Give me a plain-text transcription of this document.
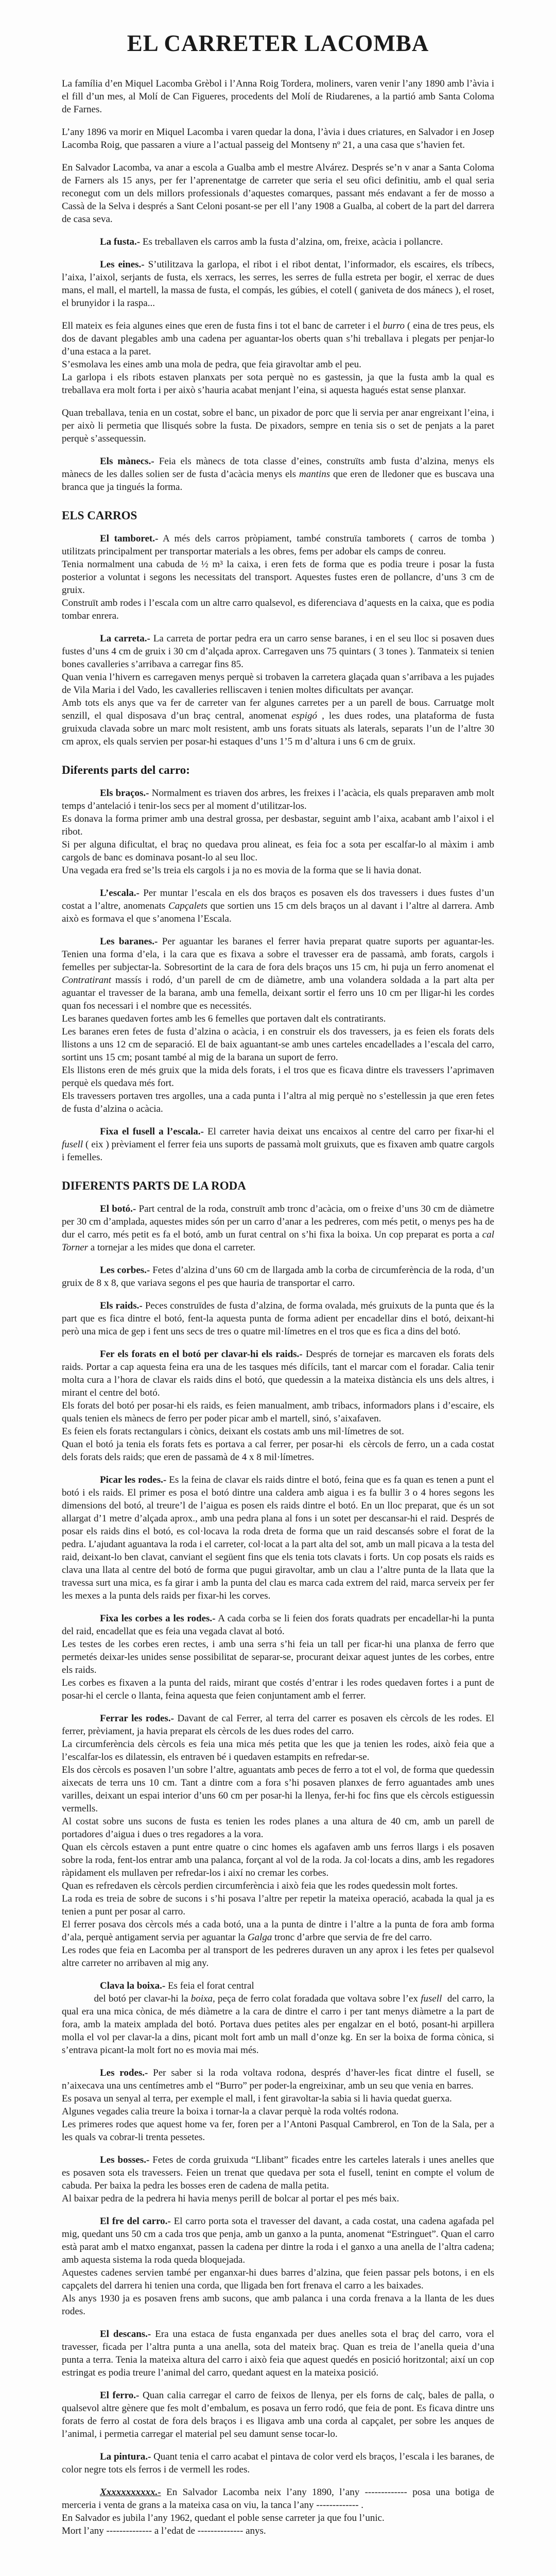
EL CARRETER LACOMBA

La família d’en Miquel Lacomba Grèbol i l’Anna Roig Tordera, moliners, varen venir l’any 1890 amb l’àvia i el fill d’un mes, al Molí de Can Figueres, procedents del Molí de Riudarenes, a la partió amb Santa Coloma de Farnes.

L’any 1896 va morir en Miquel Lacomba i varen quedar la dona, l’àvia i dues criatures, en Salvador i en Josep Lacomba Roig, que passaren a viure a l’actual passeig del Montseny nº 21, a una casa que s’havien fet.

En Salvador Lacomba, va anar a escola a Gualba amb el mestre Alvárez. Després se’n v anar a Santa Coloma de Farners als 15 anys, per fer l’aprenentatge de carreter que seria el seu ofici definitiu, amb el qual seria reconegut com un dels millors professionals d’aquestes comarques, passant més endavant a fer de mosso a Cassà de la Selva i després a Sant Celoni posant-se per ell l’any 1908 a Gualba, al cobert de la part del darrera de casa seva.

La fusta.- Es treballaven els carros amb la fusta d’alzina, om, freixe, acàcia i pollancre.

Les eines.- S’utilitzava la garlopa, el ribot i el ribot dentat, l’informador, els escaires, els tríbecs, l’aixa, l’aixol, serjants de fusta, els xerracs, les serres, les serres de fulla estreta per bogir, el xerrac de dues mans, el mall, el martell, la massa de fusta, el compás, les gúbies, el cotell ( ganiveta de dos mánecs ), el roset, el brunyidor i la raspa...

Ell mateix es feia algunes eines que eren de fusta fins i tot el banc de carreter i el burro ( eina de tres peus, els dos de davant plegables amb una cadena per aguantar-los oberts quan s’hi treballava i plegats per penjar-lo d’una estaca a la paret.
S’esmolava les eines amb una mola de pedra, que feia giravoltar amb el peu.
La garlopa i els ribots estaven planxats per sota perquè no es gastessin, ja que la fusta amb la qual es treballava era molt forta i per això s’hauria acabat menjant l’eina, si aquesta hagués estat sense planxar.

Quan treballava, tenia en un costat, sobre el banc, un pixador de porc que li servia per anar engreixant l’eina, i per això li permetia que llisqués sobre la fusta. De pixadors, sempre en tenia sis o set de penjats a la paret perquè s’assequessin.

Els mànecs.- Feia els mànecs de tota classe d’eines, construïts amb fusta d’alzina, menys els mànecs de les dalles solien ser de fusta d’acàcia menys els mantins que eren de lledoner que es buscava una branca que ja tingués la forma.

ELS CARROS

El tamboret.- A més dels carros pròpiament, també construïa tamborets ( carros de tomba ) utilitzats principalment per transportar materials a les obres, fems per adobar els camps de conreu.
Tenia normalment una cabuda de ½ m³ la caixa, i eren fets de forma que es podia treure i posar la fusta posterior a voluntat i segons les necessitats del transport. Aquestes fustes eren de pollancre, d’uns 3 cm de gruix.
Construït amb rodes i l’escala com un altre carro qualsevol, es diferenciava d’aquests en la caixa, que es podia tombar enrera.

La carreta.- La carreta de portar pedra era un carro sense baranes, i en el seu lloc si posaven dues fustes d’uns 4 cm de gruix i 30 cm d’alçada aprox. Carregaven uns 75 quintars ( 3 tones ). Tanmateix si tenien bones cavalleries s’arribava a carregar fins 85.
Quan venia l’hivern es carregaven menys perquè si trobaven la carretera glaçada quan s’arribava a les pujades de Vila Maria i del Vado, les cavalleries relliscaven i tenien moltes dificultats per avançar.
Amb tots els anys que va fer de carreter van fer algunes carretes per a un parell de bous. Carruatge molt senzill, el qual disposava d’un braç central, anomenat espigó , les dues rodes, una plataforma de fusta gruixuda clavada sobre un marc molt resistent, amb uns forats situats als laterals, separats l’un de l’altre 30 cm aprox, els quals servien per posar-hi estaques d’uns 1’5 m d’altura i uns 6 cm de gruix.

Diferents parts del carro:

Els braços.- Normalment es triaven dos arbres, les freixes i l’acàcia, els quals preparaven amb molt temps d’antelació i tenir-los secs per al moment d’utilitzar-los.
Es donava la forma primer amb una destral grossa, per desbastar, seguint amb l’aixa, acabant amb l’aixol i el ribot.
Si per alguna dificultat, el braç no quedava prou alineat, es feia foc a sota per escalfar-lo al màxim i amb cargols de banc es dominava posant-lo al seu lloc.
Una vegada era fred se’ls treia els cargols i ja no es movia de la forma que se li havia donat.

L’escala.- Per muntar l’escala en els dos braços es posaven els dos travessers i dues fustes d’un costat a l’altre, anomenats Capçalets que sortien uns 15 cm dels braços un al davant i l’altre al darrera. Amb això es formava el que s’anomena l’Escala.

Les baranes.- Per aguantar les baranes el ferrer havia preparat quatre suports per aguantar-les. Tenien una forma d’ela, i la cara que es fixava a sobre el travesser era de passamà, amb forats, cargols i femelles per subjectar-la. Sobresortint de la cara de fora dels braços uns 15 cm, hi puja un ferro anomenat el Contratirant massís i rodó, d’un parell de cm de diàmetre, amb una volandera soldada a la part alta per aguantar el travesser de la barana, amb una femella, deixant sortir el ferro uns 10 cm per lligar-hi les cordes quan fos necessari i el nombre que es necessités.
Les baranes quedaven fortes amb les 6 femelles que portaven dalt els contratirants.
Les baranes eren fetes de fusta d’alzina o acàcia, i en construir els dos travessers, ja es feien els forats dels llistons a uns 12 cm de separació. El de baix aguantant-se amb unes carteles encadellades a l’escala del carro, sortint uns 15 cm; posant també al mig de la barana un suport de ferro.
Els llistons eren de més gruix que la mida dels forats, i el tros que es ficava dintre els travessers l’aprimaven perquè els quedava més fort.
Els travessers portaven tres argolles, una a cada punta i l’altra al mig perquè no s’estellessin ja que eren fetes de fusta d’alzina o acàcia.

Fixa el fusell a l’escala.- El carreter havia deixat uns encaixos al centre del carro per fixar-hi el fusell ( eix ) prèviament el ferrer feia uns suports de passamà molt gruixuts, que es fixaven amb quatre cargols i femelles.

DIFERENTS PARTS DE LA RODA

El botó.- Part central de la roda, construït amb tronc d’acàcia, om o freixe d’uns 30 cm de diàmetre per 30 cm d’amplada, aquestes mides són per un carro d’anar a les pedreres, com més petit, o menys pes ha de dur el carro, més petit es fa el botó, amb un furat central on s’hi fixa la boixa. Un cop preparat es porta a cal Torner a tornejar a les mides que dona el carreter.

Les corbes.- Fetes d’alzina d’uns 60 cm de llargada amb la corba de circumferència de la roda, d’un gruix de 8 x 8, que variava segons el pes que hauria de transportar el carro.

Els raids.- Peces construïdes de fusta d’alzina, de forma ovalada, més gruixuts de la punta que és la part que es fica dintre el botó, fent-la aquesta punta de forma adient per encadellar dins el botó, deixant-hi però una mica de gep i fent uns secs de tres o quatre mil·límetres en el tros que es fica a dins del botó.

Fer els forats en el botó per clavar-hi els raids.- Després de tornejar es marcaven els forats dels raids. Portar a cap aquesta feina era una de les tasques més difícils, tant el marcar com el foradar. Calia tenir molta cura a l’hora de clavar els raids dins el botó, que quedessin a la mateixa distància els uns dels altres, i mirant el centre del botó.
Els forats del botó per posar-hi els raids, es feien manualment, amb tribacs, informadors plans i d’escaire, els quals tenien els mànecs de ferro per poder picar amb el martell, sinó, s’aixafaven.
Es feien els forats rectangulars i cònics, deixant els costats amb uns mil·límetres de sot.
Quan el botó ja tenia els forats fets es portava a cal ferrer, per posar-hi  els cèrcols de ferro, un a cada costat dels forats dels raids; que eren de passamà de 4 x 8 mil·límetres.

Picar les rodes.- Es la feina de clavar els raids dintre el botó, feina que es fa quan es tenen a punt el botó i els raids. El primer es posa el botó dintre una caldera amb aigua i es fa bullir 3 o 4 hores segons les dimensions del botó, al treure’l de l’aigua es posen els raids dintre el botó. En un lloc preparat, que és un sot allargat d’1 metre d’alçada aprox., amb una pedra plana al fons i un sotet per descansar-hi el raid. Després de posar els raids dins el botó, es col·locava la roda dreta de forma que un raid descansés sobre el forat de la pedra. L’ajudant aguantava la roda i el carreter, col·locat a la part alta del sot, amb un mall picava a la testa del raid, deixant-lo ben clavat, canviant el següent fins que els tenia tots clavats i forts. Un cop posats els raids es clava una llata al centre del botó de forma que pugui giravoltar, amb un clau a l’altre punta de la llata que la travessa surt una mica, es fa girar i amb la punta del clau es marca cada extrem del raid, marca serveix per fer les mexes a la punta dels raids per fixar-hi les corves.

Fixa les corbes a les rodes.- A cada corba se li feien dos forats quadrats per encadellar-hi la punta del raid, encadellat que es feia una vegada clavat al botó.
Les testes de les corbes eren rectes, i amb una serra s’hi feia un tall per ficar-hi una planxa de ferro que permetés deixar-les unides sense possibilitat de separar-se, procurant deixar aquest juntes de les corbes, entre els raids.
Les corbes es fixaven a la punta del raids, mirant que costés d’entrar i les rodes quedaven fortes i a punt de posar-hi el cercle o llanta, feina aquesta que feien conjuntament amb el ferrer.

Ferrar les rodes.- Davant de cal Ferrer, al terra del carrer es posaven els cèrcols de les rodes. El ferrer, prèviament, ja havia preparat els cèrcols de les dues rodes del carro.
La circumferència dels cèrcols es feia una mica més petita que les que ja tenien les rodes, això feia que a l’escalfar-los es dilatessin, els entraven bé i quedaven estampits en refredar-se.
Els dos cèrcols es posaven l’un sobre l’altre, aguantats amb peces de ferro a tot el vol, de forma que quedessin aixecats de terra uns 10 cm. Tant a dintre com a fora s’hi posaven planxes de ferro aguantades amb unes varilles, deixant un espai interior d’uns 60 cm per posar-hi la llenya, fer-hi foc fins que els cèrcols estiguessin vermells.
Al costat sobre uns sucons de fusta es tenien les rodes planes a una altura de 40 cm, amb un parell de portadores d’aigua i dues o tres regadores a la vora.
Quan els cèrcols estaven a punt entre quatre o cinc homes els agafaven amb uns ferros llargs i els posaven sobre la roda, fent-los entrar amb una palanca, forçant al vol de la roda. Ja col·locats a dins, amb les regadores ràpidament els mullaven per refredar-los i així no cremar les corbes.
Quan es refredaven els cèrcols perdien circumferència i això feia que les rodes quedessin molt fortes.
La roda es treia de sobre de sucons i s’hi posava l’altre per repetir la mateixa operació, acabada la qual ja es tenien a punt per posar al carro.
El ferrer posava dos cèrcols més a cada botó, una a la punta de dintre i l’altre a la punta de fora amb forma d’ala, perquè antigament servia per aguantar la Galga tronc d’arbre que servia de fre del carro.
Les rodes que feia en Lacomba per al transport de les pedreres duraven un any aprox i les fetes per qualsevol altre carreter no arribaven al mig any.

Clava la boixa.- Es feia el forat central
	del botó per clavar-hi la boixa, peça de ferro colat foradada que voltava sobre l’ex fusell  del carro, la qual era una mica cònica, de més diàmetre a la cara de dintre el carro i per tant menys diàmetre a la part de fora, amb la mateix amplada del botó. Portava dues petites ales per engalzar en el botó, posant-hi arpillera molla el vol per clavar-la a dins, picant molt fort amb un mall d’onze kg. En ser la boixa de forma cònica, si s’entrava picant-la molt fort no es movia mai més.

Les rodes.- Per saber si la roda voltava rodona, després d’haver-les ficat dintre el fusell, se n’aixecava una uns centímetres amb el “Burro” per poder-la engreixinar, amb un seu que venia en barres.
Es posava un senyal al terra, per exemple el mall, i fent giravoltar-la sabia si li havia quedat guerxa.
Algunes vegades calia treure la boixa i tornar-la a clavar perquè la roda voltés rodona.
Les primeres rodes que aquest home va fer, foren per a l’Antoni Pasqual Cambrerol, en Ton de la Sala, per a les quals va cobrar-li trenta pessetes.

Les bosses.- Fetes de corda gruixuda “Llibant” ficades entre les carteles laterals i unes anelles que es posaven sota els travessers. Feien un trenat que quedava per sota el fusell, tenint en compte el volum de cabuda. Per baixa la pedra les bosses eren de cadena de malla petita.
Al baixar pedra de la pedrera hi havia menys perill de bolcar al portar el pes més baix.

El fre del carro.- El carro porta sota el travesser del davant, a cada costat, una cadena agafada pel mig, quedant uns 50 cm a cada tros que penja, amb un ganxo a la punta, anomenat “Estringuet”. Quan el carro està parat amb el matxo enganxat, passen la cadena per dintre la roda i el ganxo a una anella de l’altra cadena; amb aquesta sistema la roda queda bloquejada.
Aquestes cadenes servien també per enganxar-hi dues barres d’alzina, que feien passar pels botons, i en els capçalets del darrera hi tenien una corda, que lligada ben fort frenava el carro a les baixades.
Als anys 1930 ja es posaven frens amb sucons, que amb palanca i una corda frenava a la llanta de les dues rodes.

El descans.- Era una estaca de fusta enganxada per dues anelles sota el braç del carro, vora el travesser, ficada per l’altra punta a una anella, sota del mateix braç. Quan es treia de l’anella queia d’una punta a terra. Tenia la mateixa altura del carro i això feia que aquest quedés en posició horitzontal; així un cop estringat es podia treure l’animal del carro, quedant aquest en la mateixa posició.

El ferro.- Quan calia carregar el carro de feixos de llenya, per els forns de calç, bales de palla, o qualsevol altre gènere que fes molt d’embalum, es posava un ferro rodó, que feia de pont. Es ficava dintre uns forats de ferro al costat de fora dels braços i es lligava amb una corda al capçalet, per sobre les anques de l’animal, i permetia carregar el material pel seu damunt sense tocar-lo.

La pintura.- Quant tenia el carro acabat el pintava de color verd els braços, l’escala i les baranes, de color negre tots els ferros i de vermell les rodes.

Xxxxxxxxxxx.- En Salvador Lacomba neix l’any 1890, l’any ------------- posa una botiga de merceria i venta de grans a la mateixa casa on viu, la tanca l’any ------------- .
En Salvador es jubila l’any 1962, quedant el poble sense carreter ja que fou l’unic.
Mort l’any -------------- a l’edat de -------------- anys.
